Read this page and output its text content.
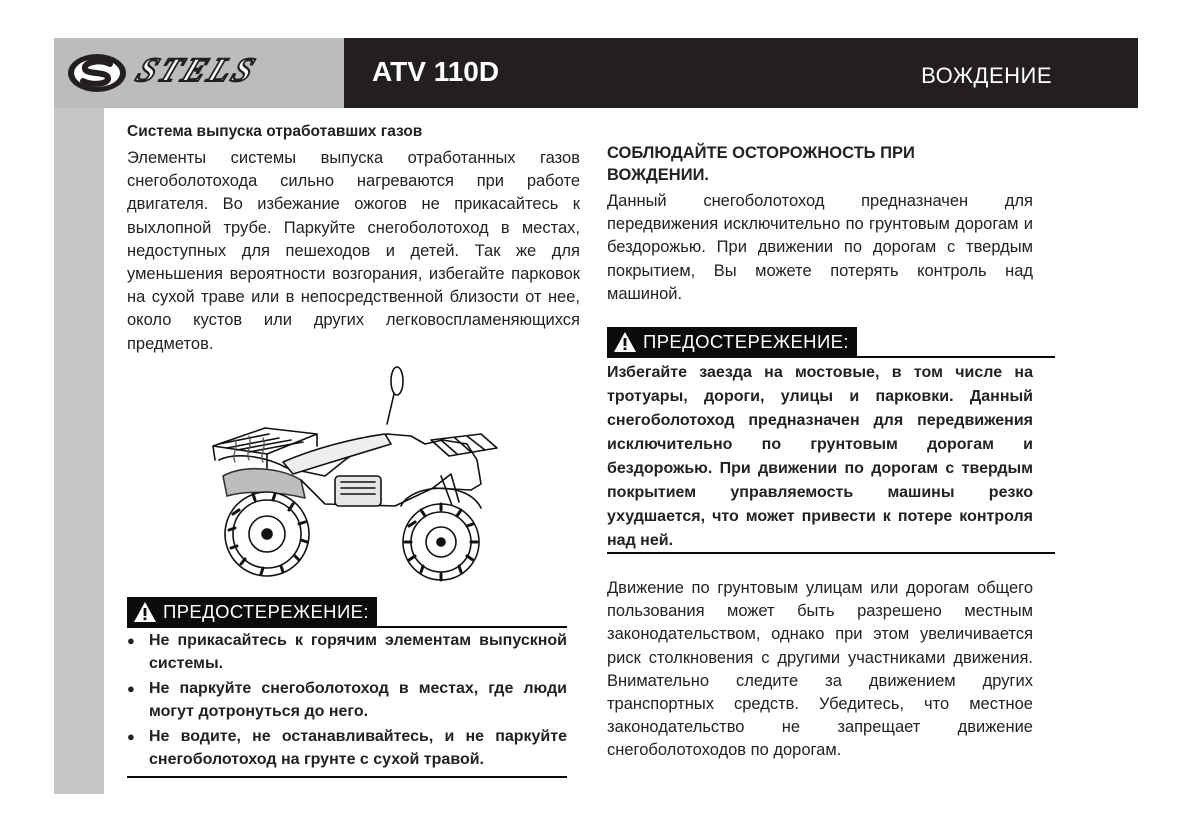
STELS	ATV 110D	ВОЖДЕНИЕ
Система выпуска отработавших газов
Элементы системы выпуска отработанных газов снегоболотохода сильно нагреваются при работе двигателя. Во избежание ожогов не прикасайтесь к выхлопной трубе. Паркуйте снегоболотоход в местах, недоступных для пешеходов и детей. Так же для уменьшения вероятности возгорания, избегайте парковок на сухой траве или в непосредственной близости от нее, около кустов или других легковоспламеняющихся предметов.
ПРЕДОСТЕРЕЖЕНИЕ:
● Не прикасайтесь к горячим элементам выпускной системы.
● Не паркуйте снегоболотоход в местах, где люди могут дотронуться до него.
● Не водите, не останавливайтесь, и не паркуйте снегоболотоход на грунте с сухой травой.
СОБЛЮДАЙТЕ ОСТОРОЖНОСТЬ ПРИ ВОЖДЕНИИ.
Данный снегоболотоход предназначен для передвижения исключительно по грунтовым дорогам и бездорожью. При движении по дорогам с твердым покрытием, Вы можете потерять контроль над машиной.
ПРЕДОСТЕРЕЖЕНИЕ:
Избегайте заезда на мостовые, в том числе на тротуары, дороги, улицы и парковки. Данный снегоболотоход предназначен для передвижения исключительно по грунтовым дорогам и бездорожью. При движении по дорогам с твердым покрытием управляемость машины резко ухудшается, что может привести к потере контроля над ней.
Движение по грунтовым улицам или дорогам общего пользования может быть разрешено местным законодательством, однако при этом увеличивается риск столкновения с другими участниками движения. Внимательно следите за движением других транспортных средств. Убедитесь, что местное законодательство не запрещает движение снегоболотоходов по дорогам.
